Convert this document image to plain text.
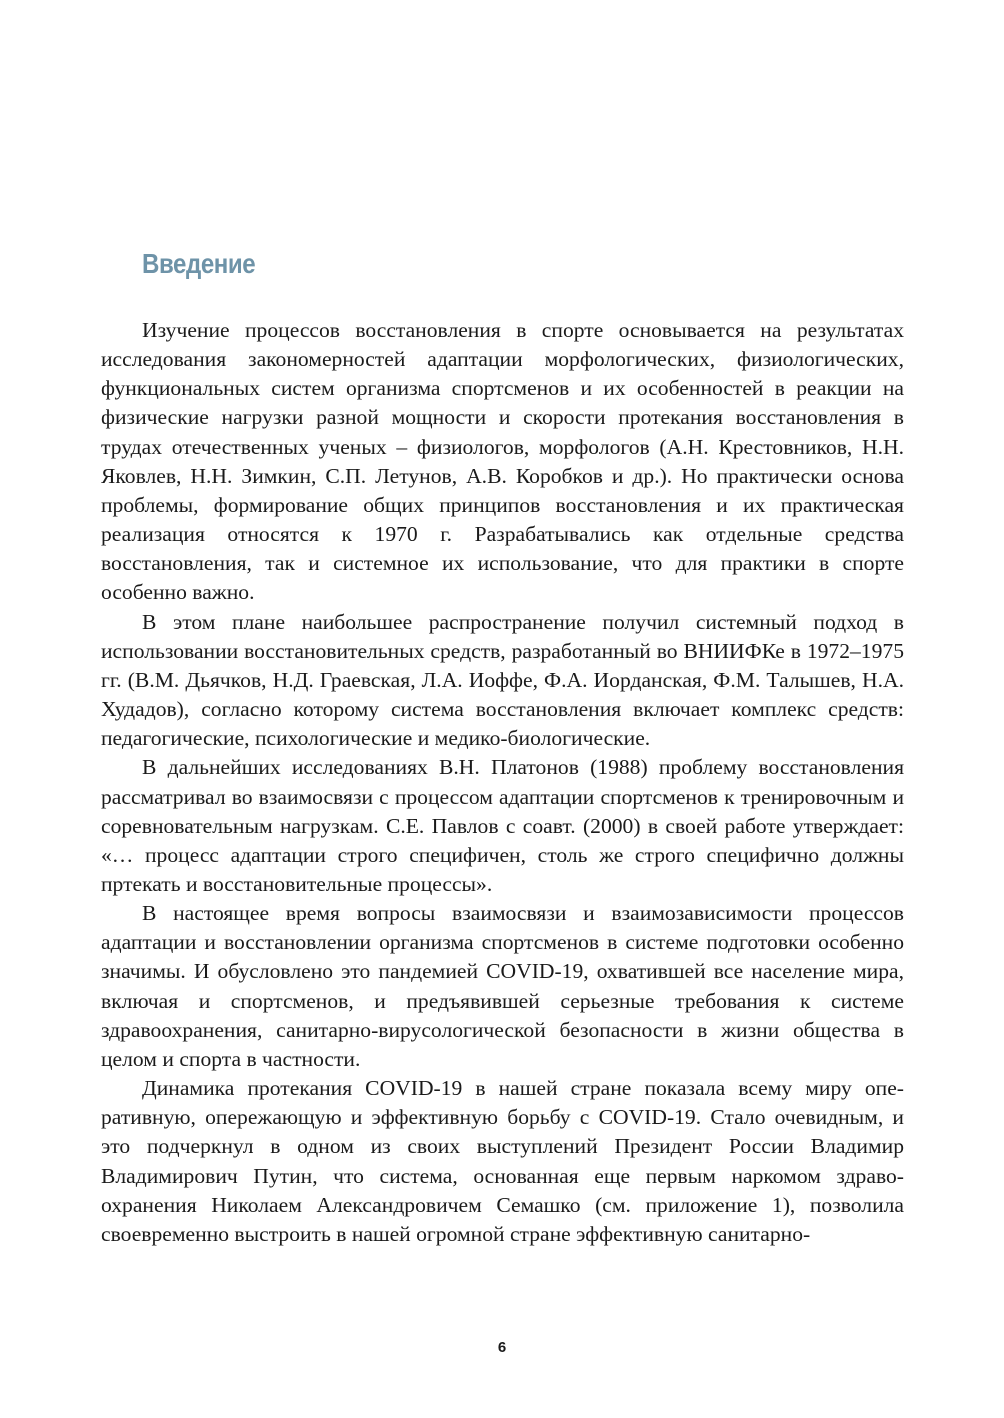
Введение

Изучение процессов восстановления в спорте основывается на результатах исследования закономерностей адаптации морфологических, физиологических, функциональных систем организма спортсменов и их особенностей в реакции на физические нагрузки разной мощности и скорости протекания восстановления в трудах отечественных ученых – физиологов, морфологов (А.Н. Крестовников, Н.Н. Яковлев, Н.Н. Зимкин, С.П. Летунов, А.В. Коробков и др.). Но практически основа проблемы, формирование общих принципов восстановления и их практическая реализация относятся к 1970 г. Разрабатывались как отдельные средства восстановления, так и системное их использование, что для практики в спорте особенно важно.

В этом плане наибольшее распространение получил системный подход в использовании восстановительных средств, разработанный во ВНИИФКе в 1972–1975 гг. (В.М. Дьячков, Н.Д. Граевская, Л.А. Иоффе, Ф.А. Иорданская, Ф.М. Талышев, Н.А. Худадов), согласно которому система восстановления включает комплекс средств: педагогические, психологические и медико-биологические.

В дальнейших исследованиях В.Н. Платонов (1988) проблему восстановления рассматривал во взаимосвязи с процессом адаптации спортсменов к тренировочным и соревновательным нагрузкам. С.Е. Павлов с соавт. (2000) в своей работе утверждает: «… процесс адаптации строго специфичен, столь же строго специфично должны пртекать и восстановительные процессы».

В настоящее время вопросы взаимосвязи и взаимозависимости процессов адаптации и восстановлении организма спортсменов в системе подготовки особенно значимы. И обусловлено это пандемией COVID-19, охватившей все население мира, включая и спортсменов, и предъявившей серьезные требования к системе здравоохранения, санитарно-вирусологической безопасности в жизни общества в целом и спорта в частности.

Динамика протекания COVID-19 в нашей стране показала всему миру оперативную, опережающую и эффективную борьбу с COVID-19. Стало очевидным, и это подчеркнул в одном из своих выступлений Президент России Владимир Владимирович Путин, что система, основанная еще первым наркомом здравоохранения Николаем Александровичем Семашко (см. приложение 1), позволила своевременно выстроить в нашей огромной стране эффективную санитарно-

6
